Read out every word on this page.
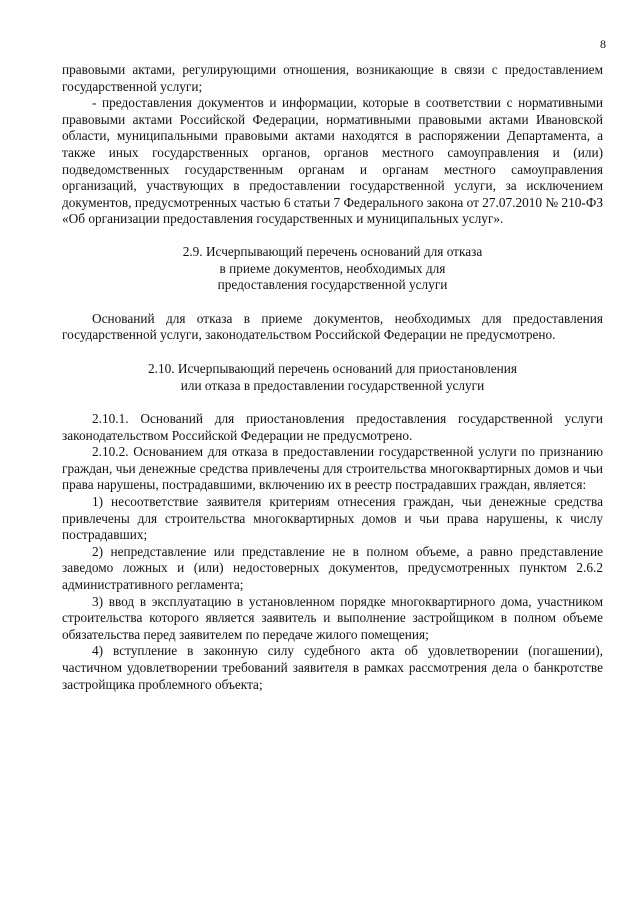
8

правовыми актами, регулирующими отношения, возникающие в связи с предоставлением государственной услуги;

- предоставления документов и информации, которые в соответствии с нормативными правовыми актами Российской Федерации, нормативными правовыми актами Ивановской области, муниципальными правовыми актами находятся в распоряжении Департамента, а также иных государственных органов, органов местного самоуправления и (или) подведомственных государственным органам и органам местного самоуправления организаций, участвующих в предоставлении государственной услуги, за исключением документов, предусмотренных частью 6 статьи 7 Федерального закона от 27.07.2010 № 210-ФЗ «Об организации предоставления государственных и муниципальных услуг».

2.9. Исчерпывающий перечень оснований для отказа

в приеме документов, необходимых для

предоставления государственной услуги

Оснований для отказа в приеме документов, необходимых для предоставления государственной услуги, законодательством Российской Федерации не предусмотрено.

2.10. Исчерпывающий перечень оснований для приостановления

или отказа в предоставлении государственной услуги

2.10.1. Оснований для приостановления предоставления государственной услуги законодательством Российской Федерации не предусмотрено.

2.10.2. Основанием для отказа в предоставлении государственной услуги по признанию граждан, чьи денежные средства привлечены для строительства многоквартирных домов и чьи права нарушены, пострадавшими, включению их в реестр пострадавших граждан, является:

1) несоответствие заявителя критериям отнесения граждан, чьи денежные средства привлечены для строительства многоквартирных домов и чьи права нарушены, к числу пострадавших;

2) непредставление или представление не в полном объеме, а равно представление заведомо ложных и (или) недостоверных документов, предусмотренных пунктом 2.6.2 административного регламента;

3) ввод в эксплуатацию в установленном порядке многоквартирного дома, участником строительства которого является заявитель и выполнение застройщиком в полном объеме обязательства перед заявителем по передаче жилого помещения;

4) вступление в законную силу судебного акта об удовлетворении (погашении), частичном удовлетворении требований заявителя в рамках рассмотрения дела о банкротстве застройщика проблемного объекта;
